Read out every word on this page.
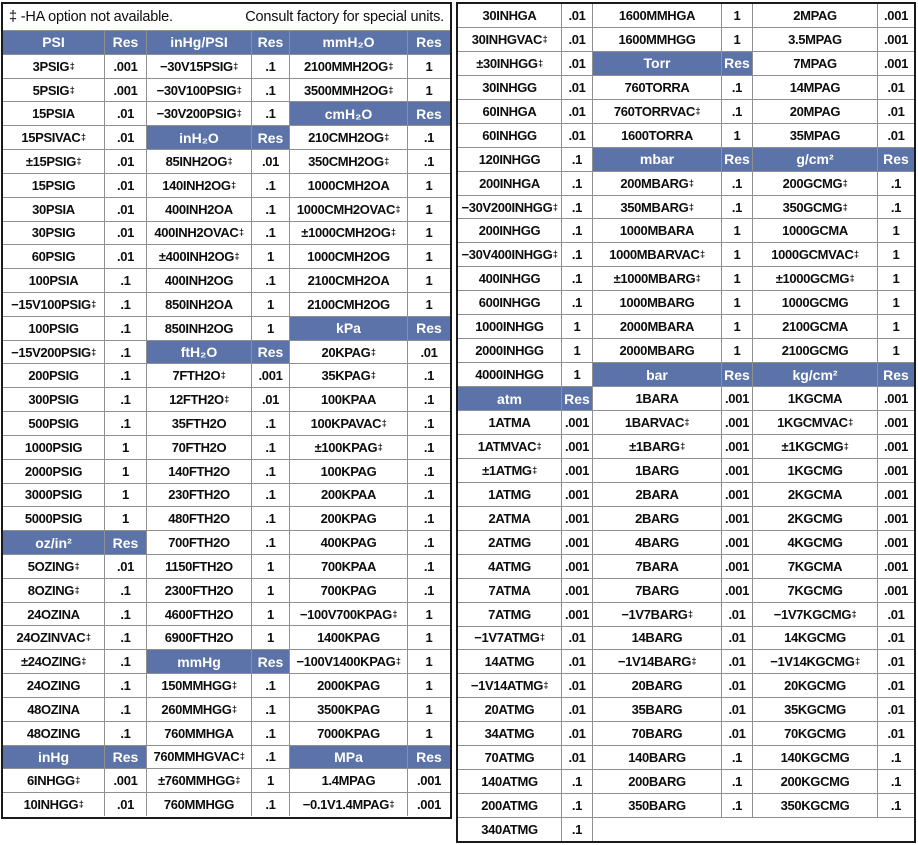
‡ -HA option not available.	Consult factory for special units.
PSI	Res	inHg/PSI	Res	mmH₂O	Res
3PSIG ‡	.001	−30V15PSIG ‡	.1	2100MMH2OG ‡	1
5PSIG ‡	.001	−30V100PSIG ‡	.1	3500MMH2OG ‡	1
15PSIA	.01	−30V200PSIG ‡	.1	cmH₂O	Res
15PSIVAC ‡	.01	inH₂O	Res	210CMH2OG ‡	.1
±15PSIG ‡	.01	85INH2OG ‡	.01	350CMH2OG ‡	.1
15PSIG	.01	140INH2OG ‡	.1	1000CMH2OA	1
30PSIA	.01	400INH2OA	.1	1000CMH2OVAC ‡	1
30PSIG	.01	400INH2OVAC ‡	.1	±1000CMH2OG ‡	1
60PSIG	.01	±400INH2OG ‡	1	1000CMH2OG	1
100PSIA	.1	400INH2OG	.1	2100CMH2OA	1
−15V100PSIG ‡	.1	850INH2OA	1	2100CMH2OG	1
100PSIG	.1	850INH2OG	1	kPa	Res
−15V200PSIG ‡	.1	ftH₂O	Res	20KPAG ‡	.01
200PSIG	.1	7FTH2O ‡	.001	35KPAG ‡	.1
300PSIG	.1	12FTH2O ‡	.01	100KPAA	.1
500PSIG	.1	35FTH2O	.1	100KPAVAC ‡	.1
1000PSIG	1	70FTH2O	.1	±100KPAG ‡	.1
2000PSIG	1	140FTH2O	.1	100KPAG	.1
3000PSIG	1	230FTH2O	.1	200KPAA	.1
5000PSIG	1	480FTH2O	.1	200KPAG	.1
oz/in²	Res	700FTH2O	.1	400KPAG	.1
5OZING ‡	.01	1150FTH2O	1	700KPAA	.1
8OZING ‡	.1	2300FTH2O	1	700KPAG	.1
24OZINA	.1	4600FTH2O	1	−100V700KPAG ‡	1
24OZINVAC ‡	.1	6900FTH2O	1	1400KPAG	1
±24OZING ‡	.1	mmHg	Res	−100V1400KPAG ‡	1
24OZING	.1	150MMHGG ‡	.1	2000KPAG	1
48OZINA	.1	260MMHGG ‡	.1	3500KPAG	1
48OZING	.1	760MMHGA	.1	7000KPAG	1
inHg	Res	760MMHGVAC ‡	.1	MPa	Res
6INHGG ‡	.001	±760MMHGG ‡	1	1.4MPAG	.001
10INHGG ‡	.01	760MMHGG	.1	−0.1V1.4MPAG ‡	.001
30INHGA	.01	1600MMHGA	1	2MPAG	.001
30INHGVAC ‡	.01	1600MMHGG	1	3.5MPAG	.001
±30INHGG ‡	.01	Torr	Res	7MPAG	.001
30INHGG	.01	760TORRA	.1	14MPAG	.01
60INHGA	.01	760TORRVAC ‡	.1	20MPAG	.01
60INHGG	.01	1600TORRA	1	35MPAG	.01
120INHGG	.1	mbar	Res	g/cm²	Res
200INHGA	.1	200MBARG ‡	.1	200GCMG ‡	.1
−30V200INHGG ‡	.1	350MBARG ‡	.1	350GCMG ‡	.1
200INHGG	.1	1000MBARA	1	1000GCMA	1
−30V400INHGG ‡	.1	1000MBARVAC ‡	1	1000GCMVAC ‡	1
400INHGG	.1	±1000MBARG ‡	1	±1000GCMG ‡	1
600INHGG	.1	1000MBARG	1	1000GCMG	1
1000INHGG	1	2000MBARA	1	2100GCMA	1
2000INHGG	1	2000MBARG	1	2100GCMG	1
4000INHGG	1	bar	Res	kg/cm²	Res
atm	Res	1BARA	.001	1KGCMA	.001
1ATMA	.001	1BARVAC ‡	.001	1KGCMVAC ‡	.001
1ATMVAC ‡ .001	±1BARG ‡	.001	±1KGCMG ‡	.001
±1ATMG ‡ .001	1BARG	.001	1KGCMG	.001
1ATMG	.001	2BARA	.001	2KGCMA	.001
2ATMA	.001	2BARG	.001	2KGCMG	.001
2ATMG	.001	4BARG	.001	4KGCMG	.001
4ATMG	.001	7BARA	.001	7KGCMA	.001
7ATMA	.001	7BARG	.001	7KGCMG	.001
7ATMG	.001	−1V7BARG ‡	.01	−1V7KGCMG ‡	.01
−1V7ATMG ‡	.01	14BARG	.01	14KGCMG	.01
14ATMG	.01	−1V14BARG ‡	.01	−1V14KGCMG ‡	.01
−1V14ATMG ‡	.01	20BARG	.01	20KGCMG	.01
20ATMG	.01	35BARG	.01	35KGCMG	.01
34ATMG	.01	70BARG	.01	70KGCMG	.01
70ATMG	.01	140BARG	.1	140KGCMG	.1
140ATMG	.1	200BARG	.1	200KGCMG	.1
200ATMG	.1	350BARG	.1	350KGCMG	.1
340ATMG	.1
